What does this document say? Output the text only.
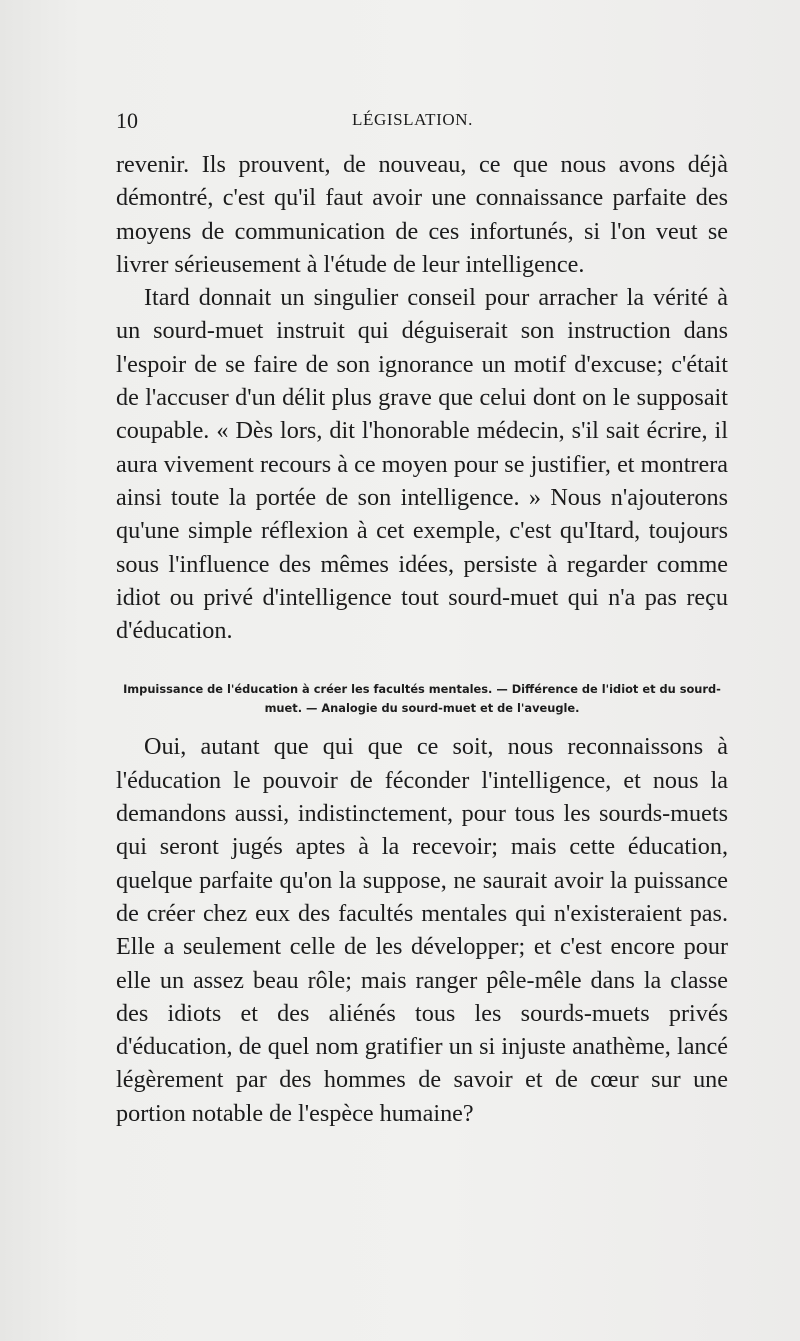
10	LÉGISLATION.

revenir. Ils prouvent, de nouveau, ce que nous avons déjà démontré, c'est qu'il faut avoir une connaissance parfaite des moyens de communication de ces infortunés, si l'on veut se livrer sérieusement à l'étude de leur intelligence.

Itard donnait un singulier conseil pour arracher la vérité à un sourd-muet instruit qui déguiserait son instruction dans l'espoir de se faire de son ignorance un motif d'excuse; c'était de l'accuser d'un délit plus grave que celui dont on le supposait coupable. « Dès lors, dit l'honorable médecin, s'il sait écrire, il aura vivement recours à ce moyen pour se justifier, et montrera ainsi toute la portée de son intelligence. » Nous n'ajouterons qu'une simple réflexion à cet exemple, c'est qu'Itard, toujours sous l'influence des mêmes idées, persiste à regarder comme idiot ou privé d'intelligence tout sourd-muet qui n'a pas reçu d'éducation.

Impuissance de l'éducation à créer les facultés mentales. — Différence de l'idiot et du sourd-muet. — Analogie du sourd-muet et de l'aveugle.

Oui, autant que qui que ce soit, nous reconnaissons à l'éducation le pouvoir de féconder l'intelligence, et nous la demandons aussi, indistinctement, pour tous les sourds-muets qui seront jugés aptes à la recevoir; mais cette éducation, quelque parfaite qu'on la suppose, ne saurait avoir la puissance de créer chez eux des facultés mentales qui n'existeraient pas. Elle a seulement celle de les développer; et c'est encore pour elle un assez beau rôle; mais ranger pêle-mêle dans la classe des idiots et des aliénés tous les sourds-muets privés d'éducation, de quel nom gratifier un si injuste anathème, lancé légèrement par des hommes de savoir et de cœur sur une portion notable de l'espèce humaine?
